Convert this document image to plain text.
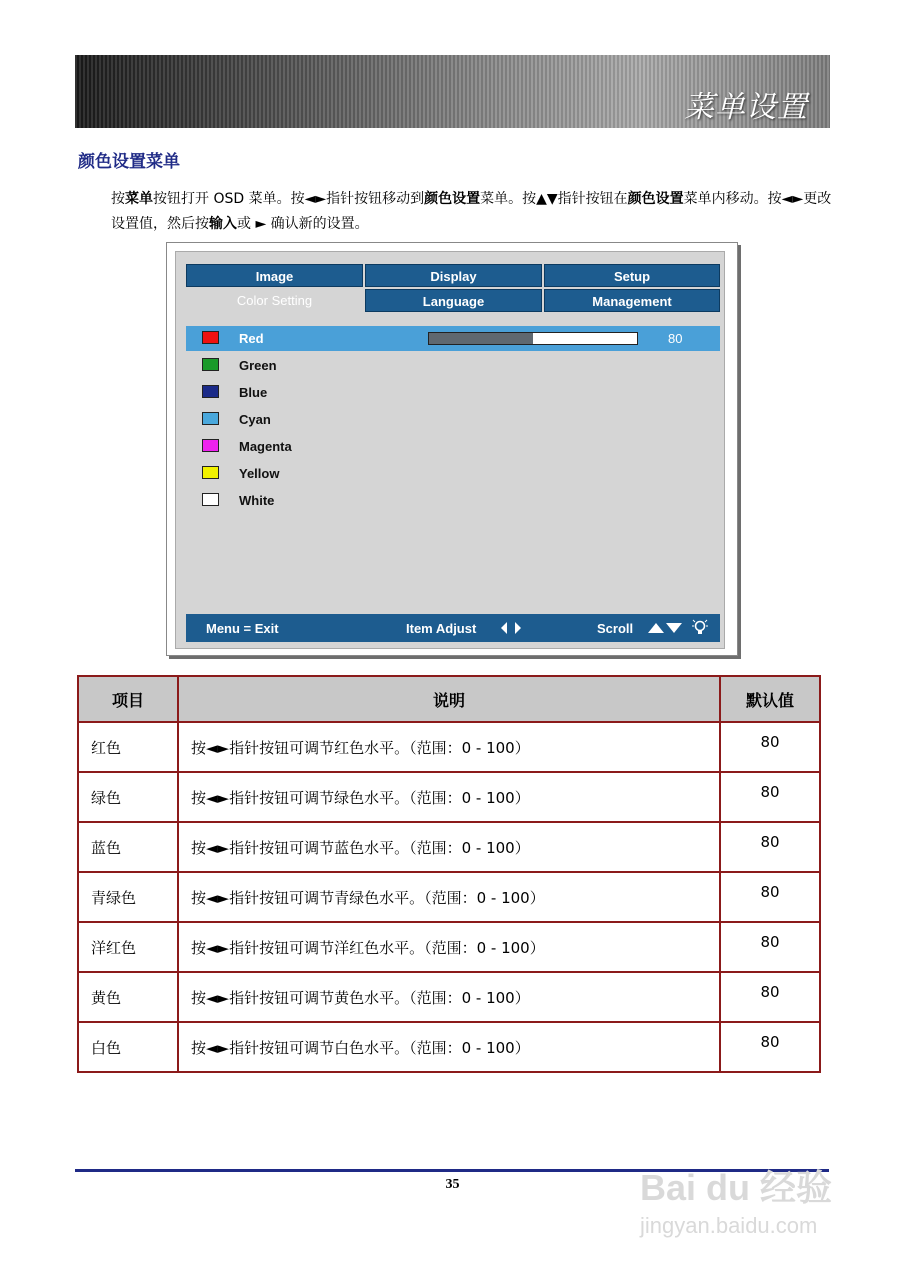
菜单设置
颜色设置菜单
按菜单按钮打开 OSD 菜单。按◄►指针按钮移动到颜色设置菜单。按▲▼指针按钮在颜色设置菜单内移动。按◄►更改设置值，然后按输入或 ► 确认新的设置。
Image	Display	Setup
Color Setting	Language	Management
Red	80
Green
Blue
Cyan
Magenta
Yellow
White
Menu = Exit	Item Adjust	Scroll
项目	说明	默认值
红色	按◄►指针按钮可调节红色水平。（范围：0 - 100）	80
绿色	按◄►指针按钮可调节绿色水平。（范围：0 - 100）	80
蓝色	按◄►指针按钮可调节蓝色水平。（范围：0 - 100）	80
青绿色	按◄►指针按钮可调节青绿色水平。（范围：0 - 100）	80
洋红色	按◄►指针按钮可调节洋红色水平。（范围：0 - 100）	80
黄色	按◄►指针按钮可调节黄色水平。（范围：0 - 100）	80
白色	按◄►指针按钮可调节白色水平。（范围：0 - 100）	80
35	Bai du 经验
jingyan.baidu.com
